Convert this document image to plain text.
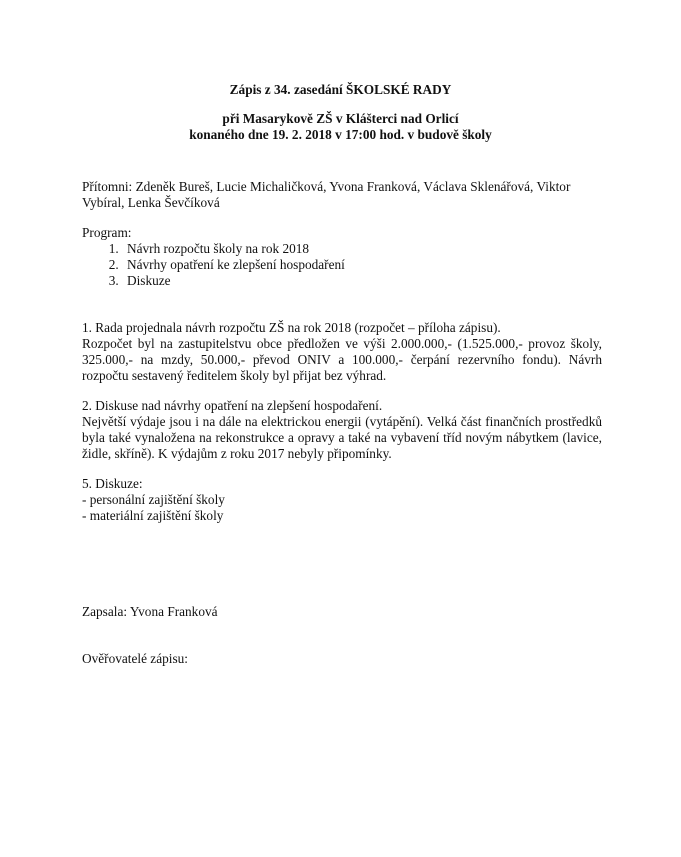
Zápis z 34. zasedání ŠKOLSKÉ RADY
při Masarykově ZŠ v Klášterci nad Orlicí
konaného dne 19. 2. 2018 v 17:00 hod. v budově školy

Přítomni: Zdeněk Bureš, Lucie Michaličková, Yvona Franková, Václava Sklenářová, Viktor Vybíral, Lenka Ševčíková

Program:

1. Návrh rozpočtu školy na rok 2018
2. Návrhy opatření ke zlepšení hospodaření
3. Diskuze

1. Rada projednala návrh rozpočtu ZŠ na rok 2018 (rozpočet – příloha zápisu).

Rozpočet byl na zastupitelstvu obce předložen ve výši 2.000.000,- (1.525.000,- provoz školy, 325.000,- na mzdy, 50.000,- převod ONIV a 100.000,- čerpání rezervního fondu). Návrh rozpočtu sestavený ředitelem školy byl přijat bez výhrad.

2. Diskuse nad návrhy opatření na zlepšení hospodaření.

Největší výdaje jsou i na dále na elektrickou energii (vytápění). Velká část finančních prostředků byla také vynaložena na rekonstrukce a opravy a také na vybavení tříd novým nábytkem (lavice, židle, skříně). K výdajům z roku 2017 nebyly připomínky.

5. Diskuze:

- personální zajištění školy

- materiální zajištění školy

Zapsala: Yvona Franková
Ověřovatelé zápisu:
